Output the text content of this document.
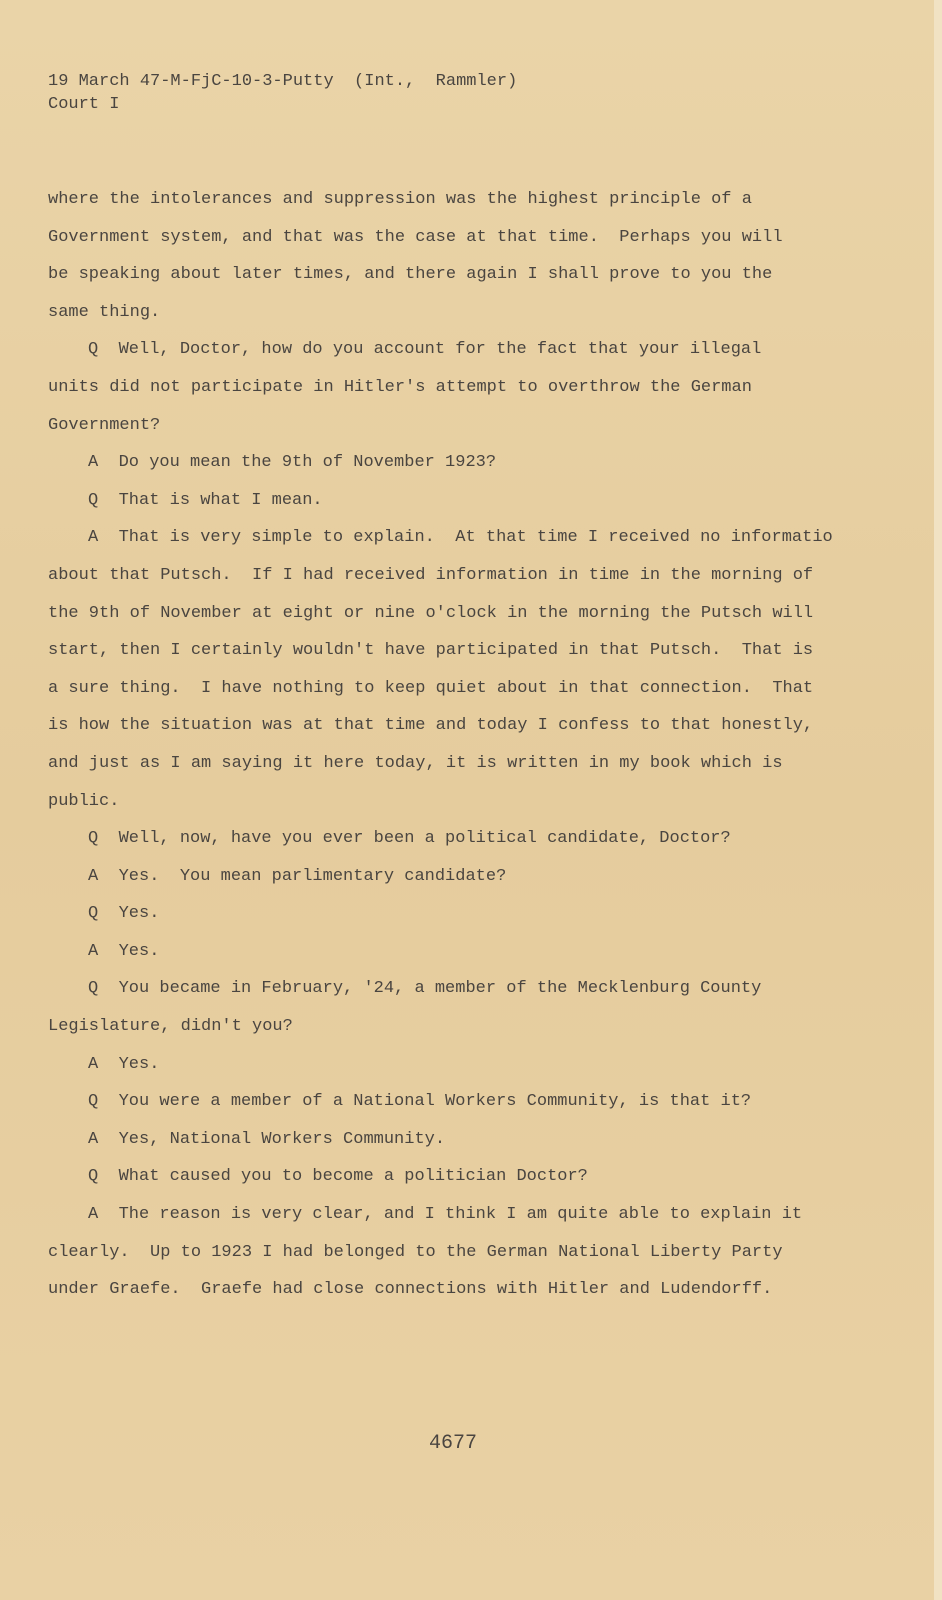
19 March 47-M-FjC-10-3-Putty  (Int.,  Rammler)
Court I
where the intolerances and suppression was the highest principle of a
Government system, and that was the case at that time.  Perhaps you will
be speaking about later times, and there again I shall prove to you the
same thing.
Q  Well, Doctor, how do you account for the fact that your illegal
units did not participate in Hitler's attempt to overthrow the German
Government?
A  Do you mean the 9th of November 1923?
Q  That is what I mean.
A  That is very simple to explain.  At that time I received no informatio
about that Putsch.  If I had received information in time in the morning of
the 9th of November at eight or nine o'clock in the morning the Putsch will
start, then I certainly wouldn't have participated in that Putsch.  That is
a sure thing.  I have nothing to keep quiet about in that connection.  That
is how the situation was at that time and today I confess to that honestly,
and just as I am saying it here today, it is written in my book which is
public.
Q  Well, now, have you ever been a political candidate, Doctor?
A  Yes.  You mean parlimentary candidate?
Q  Yes.
A  Yes.
Q  You became in February, '24, a member of the Mecklenburg County
Legislature, didn't you?
A  Yes.
Q  You were a member of a National Workers Community, is that it?
A  Yes, National Workers Community.
Q  What caused you to become a politician Doctor?
A  The reason is very clear, and I think I am quite able to explain it
clearly.  Up to 1923 I had belonged to the German National Liberty Party
under Graefe.  Graefe had close connections with Hitler and Ludendorff.
4677
